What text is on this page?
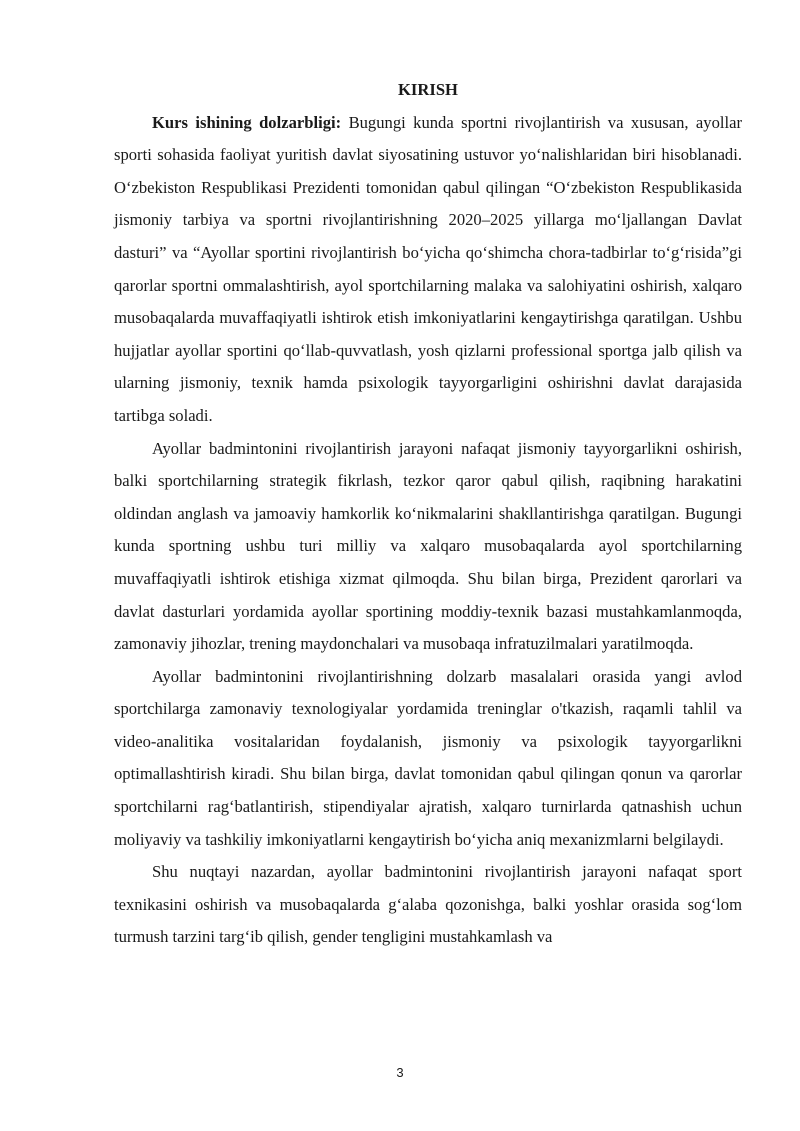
KIRISH

Kurs ishining dolzarbligi: Bugungi kunda sportni rivojlantirish va xususan, ayollar sporti sohasida faoliyat yuritish davlat siyosatining ustuvor yo‘nalishlaridan biri hisoblanadi. O‘zbekiston Respublikasi Prezidenti tomonidan qabul qilingan “O‘zbekiston Respublikasida jismoniy tarbiya va sportni rivojlantirishning 2020–2025 yillarga mo‘ljallangan Davlat dasturi” va “Ayollar sportini rivojlantirish bo‘yicha qo‘shimcha chora-tadbirlar to‘g‘risida”gi qarorlar sportni ommalashtirish, ayol sportchilarning malaka va salohiyatini oshirish, xalqaro musobaqalarda muvaffaqiyatli ishtirok etish imkoniyatlarini kengaytirishga qaratilgan. Ushbu hujjatlar ayollar sportini qo‘llab-quvvatlash, yosh qizlarni professional sportga jalb qilish va ularning jismoniy, texnik hamda psixologik tayyorgarligini oshirishni davlat darajasida tartibga soladi.

Ayollar badmintonini rivojlantirish jarayoni nafaqat jismoniy tayyorgarlikni oshirish, balki sportchilarning strategik fikrlash, tezkor qaror qabul qilish, raqibning harakatini oldindan anglash va jamoaviy hamkorlik ko‘nikmalarini shakllantirishga qaratilgan. Bugungi kunda sportning ushbu turi milliy va xalqaro musobaqalarda ayol sportchilarning muvaffaqiyatli ishtirok etishiga xizmat qilmoqda. Shu bilan birga, Prezident qarorlari va davlat dasturlari yordamida ayollar sportining moddiy-texnik bazasi mustahkamlanmoqda, zamonaviy jihozlar, trening maydonchalari va musobaqa infratuzilmalari yaratilmoqda.

Ayollar badmintonini rivojlantirishning dolzarb masalalari orasida yangi avlod sportchilarga zamonaviy texnologiyalar yordamida treninglar o'tkazish, raqamli tahlil va video-analitika vositalaridan foydalanish, jismoniy va psixologik tayyorgarlikni optimallashtirish kiradi. Shu bilan birga, davlat tomonidan qabul qilingan qonun va qarorlar sportchilarni rag‘batlantirish, stipendiyalar ajratish, xalqaro turnirlarda qatnashish uchun moliyaviy va tashkiliy imkoniyatlarni kengaytirish bo‘yicha aniq mexanizmlarni belgilaydi.

Shu nuqtayi nazardan, ayollar badmintonini rivojlantirish jarayoni nafaqat sport texnikasini oshirish va musobaqalarda g‘alaba qozonishga, balki yoshlar orasida sog‘lom turmush tarzini targ‘ib qilish, gender tengligini mustahkamlash va

3
